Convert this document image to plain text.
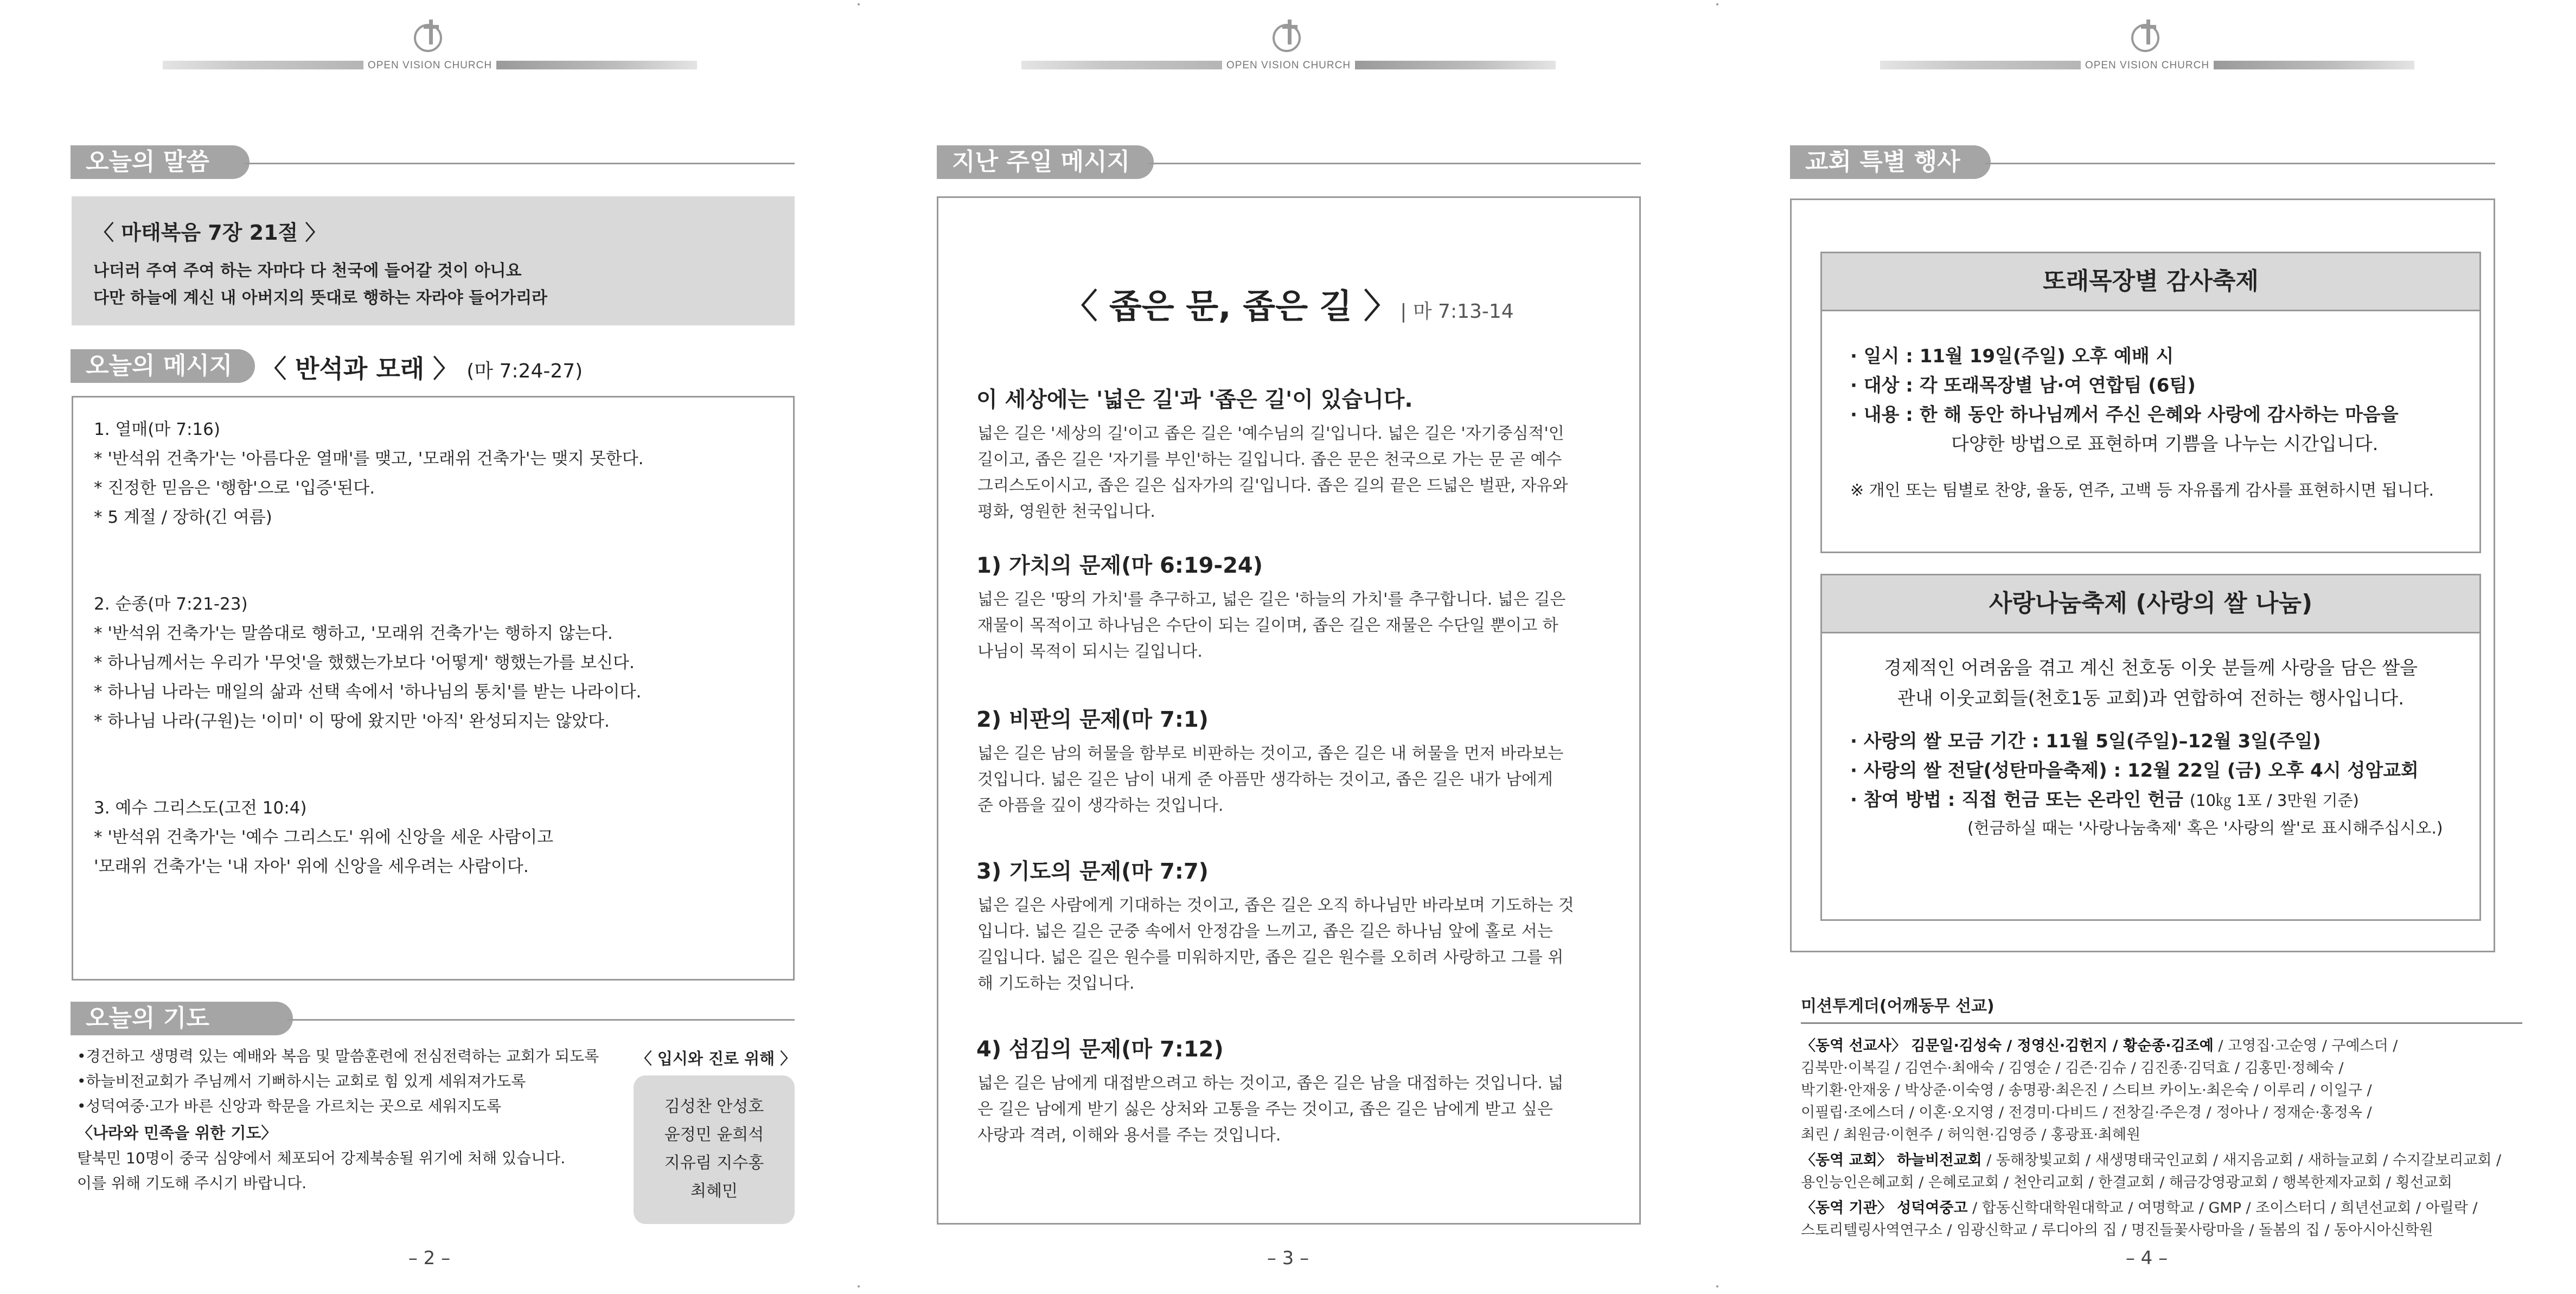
OPEN VISION CHURCH
오늘의 말씀
〈 마태복음 7장 21절 〉
나더러 주여 주여 하는 자마다 다 천국에 들어갈 것이 아니요
다만 하늘에 계신 내 아버지의 뜻대로 행하는 자라야 들어가리라
오늘의 메시지	〈 반석과 모래 〉 (마 7:24-27)
1. 열매(마 7:16)
* '반석위 건축가'는 '아름다운 열매'를 맺고, '모래위 건축가'는 맺지 못한다.
* 진정한 믿음은 '행함'으로 '입증'된다.
* 5 계절 / 장하(긴 여름)
2. 순종(마 7:21-23)
* '반석위 건축가'는 말씀대로 행하고, '모래위 건축가'는 행하지 않는다.
* 하나님께서는 우리가 '무엇'을 했했는가보다 '어떻게' 행했는가를 보신다.
* 하나님 나라는 매일의 삶과 선택 속에서 '하나님의 통치'를 받는 나라이다.
* 하나님 나라(구원)는 '이미' 이 땅에 왔지만 '아직' 완성되지는 않았다.
3. 예수 그리스도(고전 10:4)
* '반석위 건축가'는 '예수 그리스도' 위에 신앙을 세운 사람이고
'모래위 건축가'는 '내 자아' 위에 신앙을 세우려는 사람이다.
오늘의 기도
•경건하고 생명력 있는 예배와 복음 및 말씀훈련에 전심전력하는 교회가 되도록
•하늘비전교회가 주님께서 기뻐하시는 교회로 힘 있게 세워져가도록
•성덕여중·고가 바른 신앙과 학문을 가르치는 곳으로 세워지도록
〈나라와 민족을 위한 기도〉
탈북민 10명이 중국 심양에서 체포되어 강제북송될 위기에 처해 있습니다.
이를 위해 기도해 주시기 바랍니다.
〈 입시와 진로 위해 〉
김성찬 안성호
윤정민 윤희석
지유림 지수홍
최혜민
– 2 –
OPEN VISION CHURCH
지난 주일 메시지
〈 좁은 문, 좁은 길 〉 | 마 7:13-14
이 세상에는 '넓은 길'과 '좁은 길'이 있습니다.
넓은 길은 '세상의 길'이고 좁은 길은 '예수님의 길'입니다. 넓은 길은 '자기중심적'인
길이고, 좁은 길은 '자기를 부인'하는 길입니다. 좁은 문은 천국으로 가는 문 곧 예수
그리스도이시고, 좁은 길은 십자가의 길'입니다. 좁은 길의 끝은 드넓은 벌판, 자유와
평화, 영원한 천국입니다.
1) 가치의 문제(마 6:19-24)
넓은 길은 '땅의 가치'를 추구하고, 넓은 길은 '하늘의 가치'를 추구합니다. 넓은 길은
재물이 목적이고 하나님은 수단이 되는 길이며, 좁은 길은 재물은 수단일 뿐이고 하
나님이 목적이 되시는 길입니다.
2) 비판의 문제(마 7:1)
넓은 길은 남의 허물을 함부로 비판하는 것이고, 좁은 길은 내 허물을 먼저 바라보는
것입니다. 넓은 길은 남이 내게 준 아픔만 생각하는 것이고, 좁은 길은 내가 남에게
준 아픔을 깊이 생각하는 것입니다.
3) 기도의 문제(마 7:7)
넓은 길은 사람에게 기대하는 것이고, 좁은 길은 오직 하나님만 바라보며 기도하는 것
입니다. 넓은 길은 군중 속에서 안정감을 느끼고, 좁은 길은 하나님 앞에 홀로 서는
길입니다. 넓은 길은 원수를 미워하지만, 좁은 길은 원수를 오히려 사랑하고 그를 위
해 기도하는 것입니다.
4) 섬김의 문제(마 7:12)
넓은 길은 남에게 대접받으려고 하는 것이고, 좁은 길은 남을 대접하는 것입니다. 넓
은 길은 남에게 받기 싫은 상처와 고통을 주는 것이고, 좁은 길은 남에게 받고 싶은
사랑과 격려, 이해와 용서를 주는 것입니다.
– 3 –
OPEN VISION CHURCH
교회 특별 행사
또래목장별 감사축제
· 일시 : 11월 19일(주일) 오후 예배 시
· 대상 : 각 또래목장별 남·여 연합팀 (6팀)
· 내용 : 한 해 동안 하나님께서 주신 은혜와 사랑에 감사하는 마음을
다양한 방법으로 표현하며 기쁨을 나누는 시간입니다.
※ 개인 또는 팀별로 찬양, 율동, 연주, 고백 등 자유롭게 감사를 표현하시면 됩니다.
사랑나눔축제 (사랑의 쌀 나눔)
경제적인 어려움을 겪고 계신 천호동 이웃 분들께 사랑을 담은 쌀을
관내 이웃교회들(천호1동 교회)과 연합하여 전하는 행사입니다.
· 사랑의 쌀 모금 기간 : 11월 5일(주일)–12월 3일(주일)
· 사랑의 쌀 전달(성탄마을축제) : 12월 22일 (금) 오후 4시 성암교회
· 참여 방법 : 직접 헌금 또는 온라인 헌금 (10㎏ 1포 / 3만원 기준)
(헌금하실 때는 '사랑나눔축제' 혹은 '사랑의 쌀'로 표시해주십시오.)
미션투게더(어깨동무 선교)
〈동역 선교사〉 김문일·김성숙 / 정영신·김헌지 / 황순종·김조예 / 고영집·고순영 / 구예스더 /
김북만·이복길 / 김연수·최애숙 / 김영순 / 김즌·김슈 / 김진종·김덕효 / 김홍민·정혜숙 /
박기환·안재웅 / 박상준·이숙영 / 송명광·최은진 / 스티브 카이노·최은숙 / 이루리 / 이일구 /
이필립·조에스더 / 이혼·오지영 / 전경미·다비드 / 전창길·주은경 / 정아나 / 정재순·홍정옥 /
최린 / 최원금·이현주 / 허익현·김영증 / 홍광표·최혜원
〈동역 교회〉 하늘비전교회 / 동해창빛교회 / 새생명태국인교회 / 새지음교회 / 새하늘교회 / 수지갈보리교회 /
용인능인은혜교회 / 은혜로교회 / 천안리교회 / 한결교회 / 해금강영광교회 / 행복한제자교회 / 횡선교회
〈동역 기관〉 성덕여중고 / 합동신학대학원대학교 / 여명학교 / GMP / 조이스터디 / 희년선교회 / 아릴락 /
스토리텔링사역연구소 / 임광신학교 / 루디아의 집 / 명진들꽃사랑마을 / 돌봄의 집 / 동아시아신학원
– 4 –
